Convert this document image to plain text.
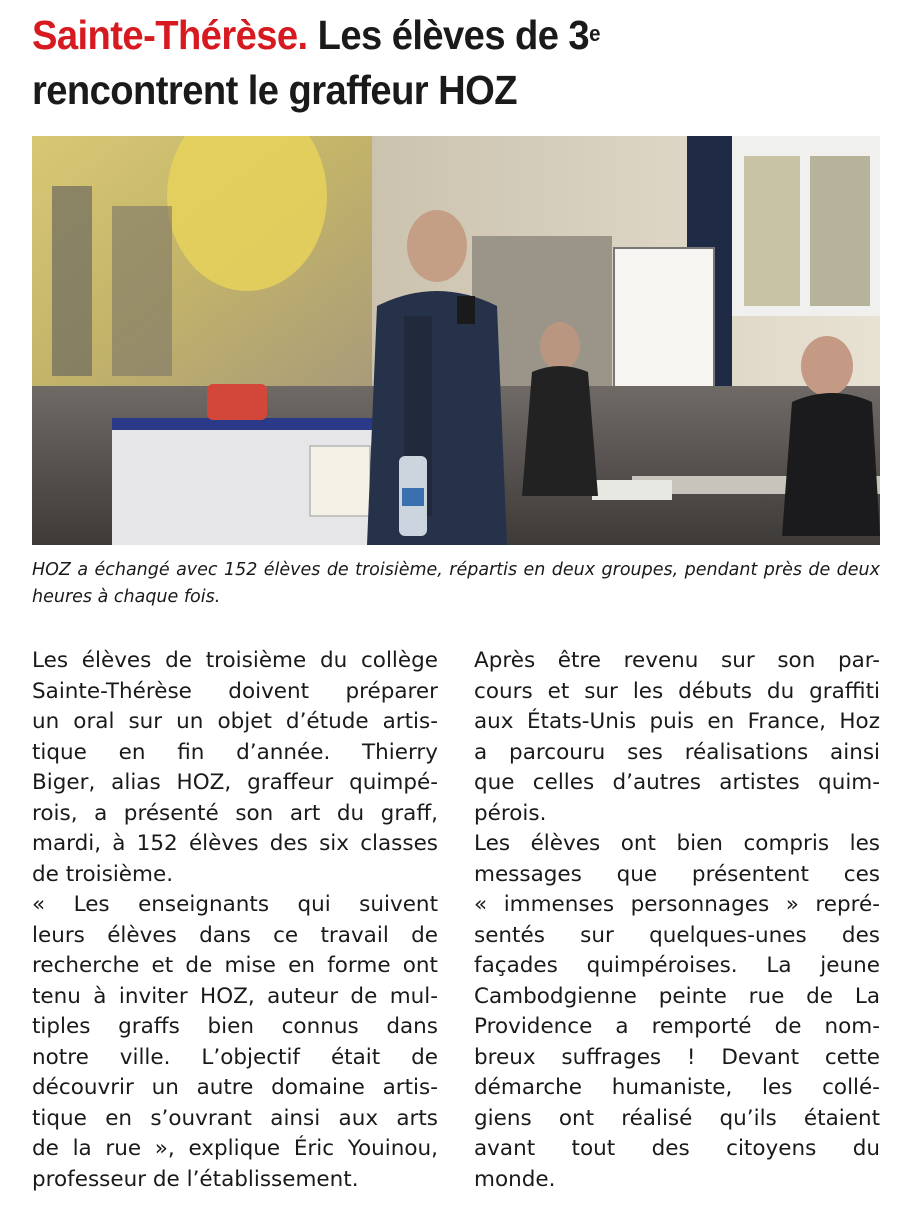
Sainte-Thérèse. Les élèves de 3e
rencontrent le graffeur HOZ

HOZ a échangé avec 152 élèves de troisième, répartis en deux groupes, pendant près de deux heures à chaque fois.

Les élèves de troisième du collège
Sainte-Thérèse doivent préparer
un oral sur un objet d’étude artis-
tique en fin d’année. Thierry
Biger, alias HOZ, graffeur quimpé-
rois, a présenté son art du graff,
mardi, à 152 élèves des six classes
de troisième.
« Les enseignants qui suivent
leurs élèves dans ce travail de
recherche et de mise en forme ont
tenu à inviter HOZ, auteur de mul-
tiples graffs bien connus dans
notre ville. L’objectif était de
découvrir un autre domaine artis-
tique en s’ouvrant ainsi aux arts
de la rue », explique Éric Youinou,
professeur de l’établissement.
Après être revenu sur son par-
cours et sur les débuts du graffiti
aux États-Unis puis en France, Hoz
a parcouru ses réalisations ainsi
que celles d’autres artistes quim-
pérois.
Les élèves ont bien compris les
messages que présentent ces
« immenses personnages » repré-
sentés sur quelques-unes des
façades quimpéroises. La jeune
Cambodgienne peinte rue de La
Providence a remporté de nom-
breux suffrages ! Devant cette
démarche humaniste, les collé-
giens ont réalisé qu’ils étaient
avant tout des citoyens du
monde.
